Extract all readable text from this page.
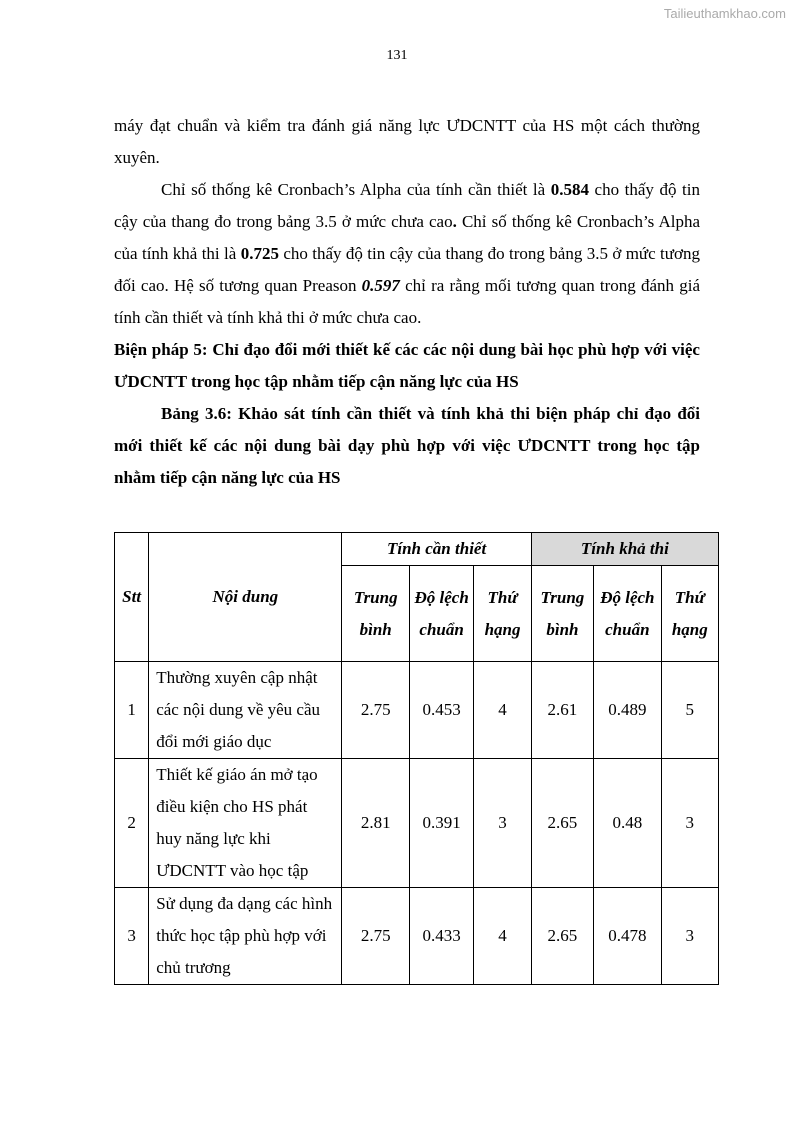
Tailieuthamkhao.com
131

máy đạt chuẩn và kiểm tra đánh giá năng lực ƯDCNTT của HS một cách thường xuyên.

Chỉ số thống kê Cronbach’s Alpha của tính cần thiết là 0.584 cho thấy độ tin cậy của thang đo trong bảng 3.5 ở mức chưa cao. Chỉ số thống kê Cronbach’s Alpha của tính khả thi là 0.725 cho thấy độ tin cậy của thang đo trong bảng 3.5 ở mức tương đối cao. Hệ số tương quan Preason 0.597 chỉ ra rằng mối tương quan trong đánh giá tính cần thiết và tính khả thi ở mức chưa cao.

Biện pháp 5: Chỉ đạo đổi mới thiết kế các các nội dung bài học phù hợp với việc ƯDCNTT trong học tập nhằm tiếp cận năng lực của HS

Bảng 3.6: Khảo sát tính cần thiết và tính khả thi biện pháp chỉ đạo đổi mới thiết kế các nội dung bài dạy phù hợp với việc ƯDCNTT trong học tập nhằm tiếp cận năng lực của HS

Stt	Nội dung	Tính cần thiết			Tính khả thi		
		Trung bình	Độ lệch chuẩn	Thứ hạng	Trung bình	Độ lệch chuẩn	Thứ hạng
1	Thường xuyên cập nhật các nội dung về yêu cầu đổi mới giáo dục	2.75	0.453	4	2.61	0.489	5
2	Thiết kế giáo án mở tạo điều kiện cho HS phát huy năng lực khi ƯDCNTT vào học tập	2.81	0.391	3	2.65	0.48	3
3	Sử dụng đa dạng các hình thức học tập phù hợp với chủ trương	2.75	0.433	4	2.65	0.478	3
